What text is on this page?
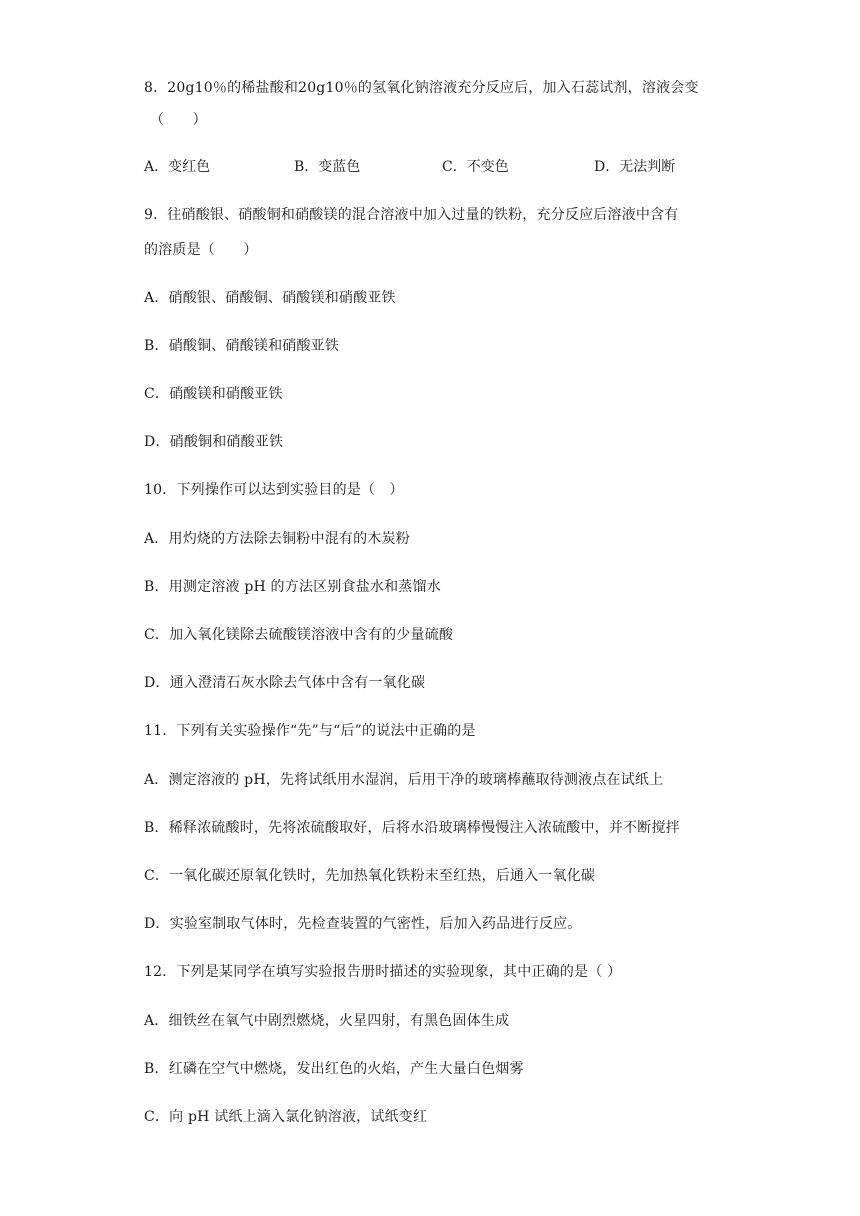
8．20g10％的稀盐酸和20g10％的氢氧化钠溶液充分反应后，加入石蕊试剂，溶液会变
（　　）
A．变红色	B．变蓝色	C．不变色	D．无法判断
9．往硝酸银、硝酸铜和硝酸镁的混合溶液中加入过量的铁粉，充分反应后溶液中含有
的溶质是（　　）
A．硝酸银、硝酸铜、硝酸镁和硝酸亚铁
B．硝酸铜、硝酸镁和硝酸亚铁
C．硝酸镁和硝酸亚铁
D．硝酸铜和硝酸亚铁
10．下列操作可以达到实验目的是（　）
A．用灼烧的方法除去铜粉中混有的木炭粉
B．用测定溶液 pH 的方法区别食盐水和蒸馏水
C．加入氧化镁除去硫酸镁溶液中含有的少量硫酸
D．通入澄清石灰水除去气体中含有一氧化碳
11．下列有关实验操作“先”与“后”的说法中正确的是
A．测定溶液的 pH，先将试纸用水湿润，后用干净的玻璃棒蘸取待测液点在试纸上
B．稀释浓硫酸时，先将浓硫酸取好，后将水沿玻璃棒慢慢注入浓硫酸中，并不断搅拌
C．一氧化碳还原氧化铁时，先加热氧化铁粉末至红热，后通入一氧化碳
D．实验室制取气体时，先检查装置的气密性，后加入药品进行反应。
12．下列是某同学在填写实验报告册时描述的实验现象，其中正确的是（ ）
A．细铁丝在氧气中剧烈燃烧，火星四射，有黑色固体生成
B．红磷在空气中燃烧，发出红色的火焰，产生大量白色烟雾
C．向 pH 试纸上滴入氯化钠溶液，试纸变红
